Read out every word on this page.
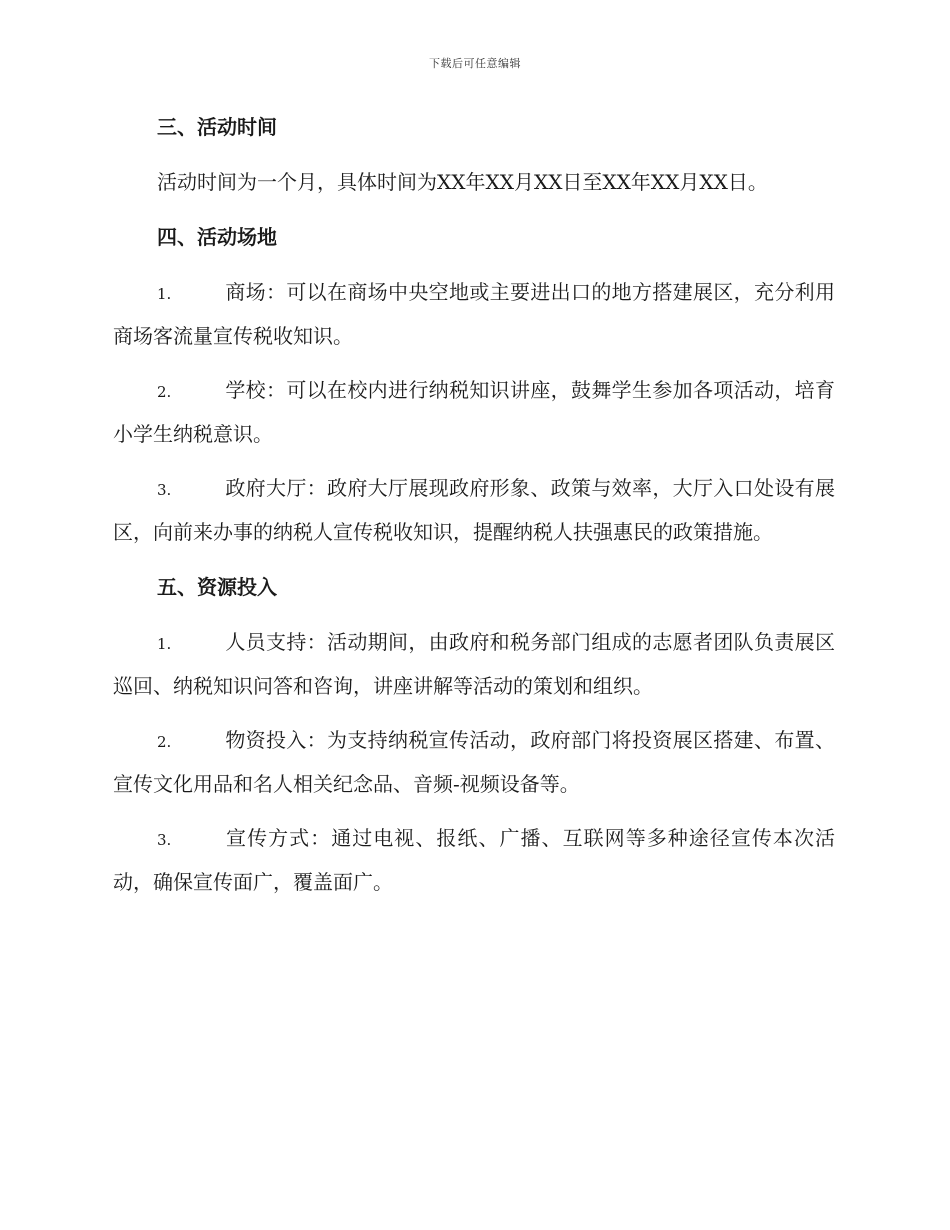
下载后可任意编辑
三、活动时间

活动时间为一个月，具体时间为XX年XX月XX日至XX年XX月XX日。

四、活动场地

1.	商场：可以在商场中央空地或主要进出口的地方搭建展区，充分利用商场客流量宣传税收知识。

2.	学校：可以在校内进行纳税知识讲座，鼓舞学生参加各项活动，培育小学生纳税意识。

3.	政府大厅：政府大厅展现政府形象、政策与效率，大厅入口处设有展区，向前来办事的纳税人宣传税收知识，提醒纳税人扶强惠民的政策措施。

五、资源投入

1.	人员支持：活动期间，由政府和税务部门组成的志愿者团队负责展区巡回、纳税知识问答和咨询，讲座讲解等活动的策划和组织。

2.	物资投入：为支持纳税宣传活动，政府部门将投资展区搭建、布置、宣传文化用品和名人相关纪念品、音频-视频设备等。

3.	宣传方式：通过电视、报纸、广播、互联网等多种途径宣传本次活动，确保宣传面广，覆盖面广。
